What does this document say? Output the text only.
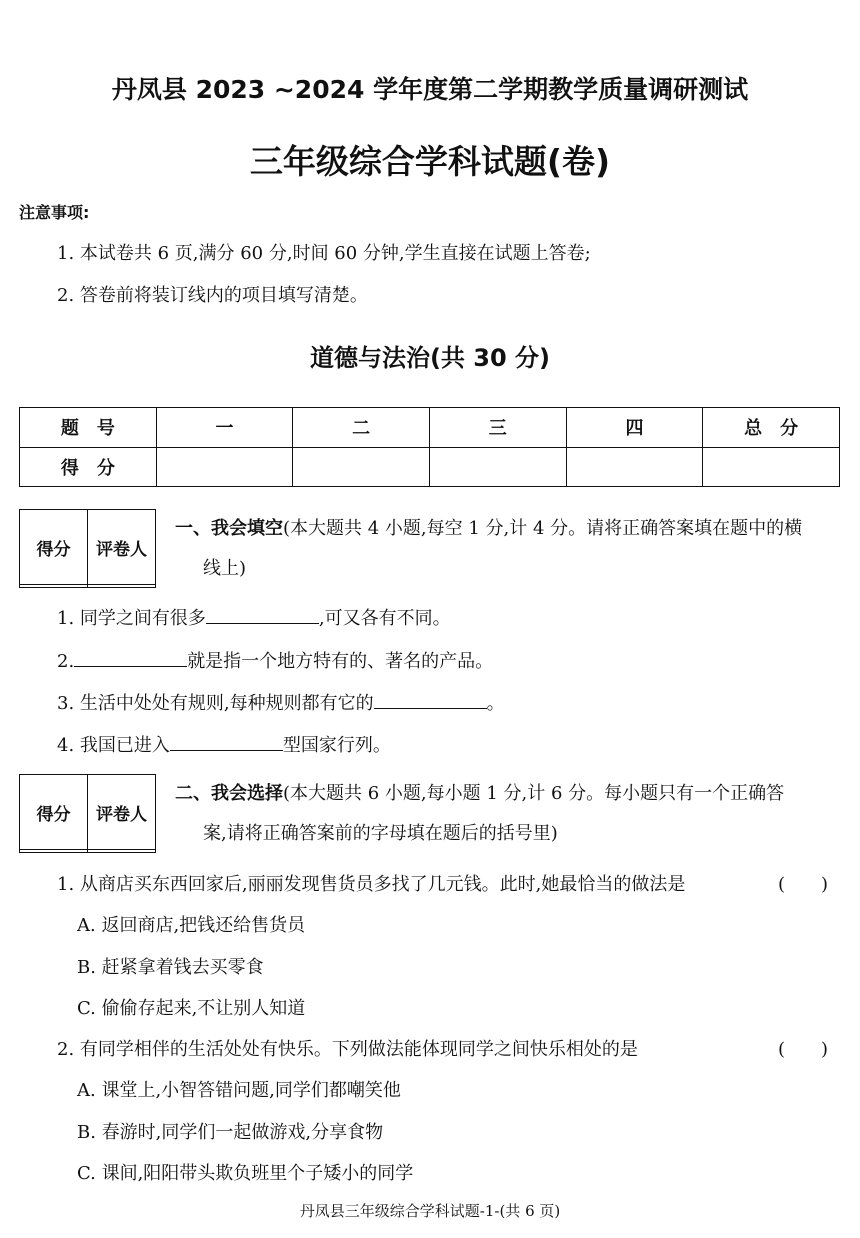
丹凤县 2023 ~2024 学年度第二学期教学质量调研测试
三年级综合学科试题(卷)
注意事项:
1. 本试卷共 6 页,满分 60 分,时间 60 分钟,学生直接在试题上答卷;
2. 答卷前将装订线内的项目填写清楚。
道德与法治(共 30 分)
题　号	一	二	三	四	总　分
得　分					
得分	评卷人

一、我会填空(本大题共 4 小题,每空 1 分,计 4 分。请将正确答案填在题中的横
线上)
1. 同学之间有很多	,可又各有不同。
2.	就是指一个地方特有的、著名的产品。
3. 生活中处处有规则,每种规则都有它的	。
4. 我国已进入	型国家行列。
得分	评卷人

二、我会选择(本大题共 6 小题,每小题 1 分,计 6 分。每小题只有一个正确答
案,请将正确答案前的字母填在题后的括号里)
1. 从商店买东西回家后,丽丽发现售货员多找了几元钱。此时,她最恰当的做法是	(　　)
A. 返回商店,把钱还给售货员
B. 赶紧拿着钱去买零食
C. 偷偷存起来,不让别人知道
2. 有同学相伴的生活处处有快乐。下列做法能体现同学之间快乐相处的是	(　　)
A. 课堂上,小智答错问题,同学们都嘲笑他
B. 春游时,同学们一起做游戏,分享食物
C. 课间,阳阳带头欺负班里个子矮小的同学
丹凤县三年级综合学科试题-1-(共 6 页)
